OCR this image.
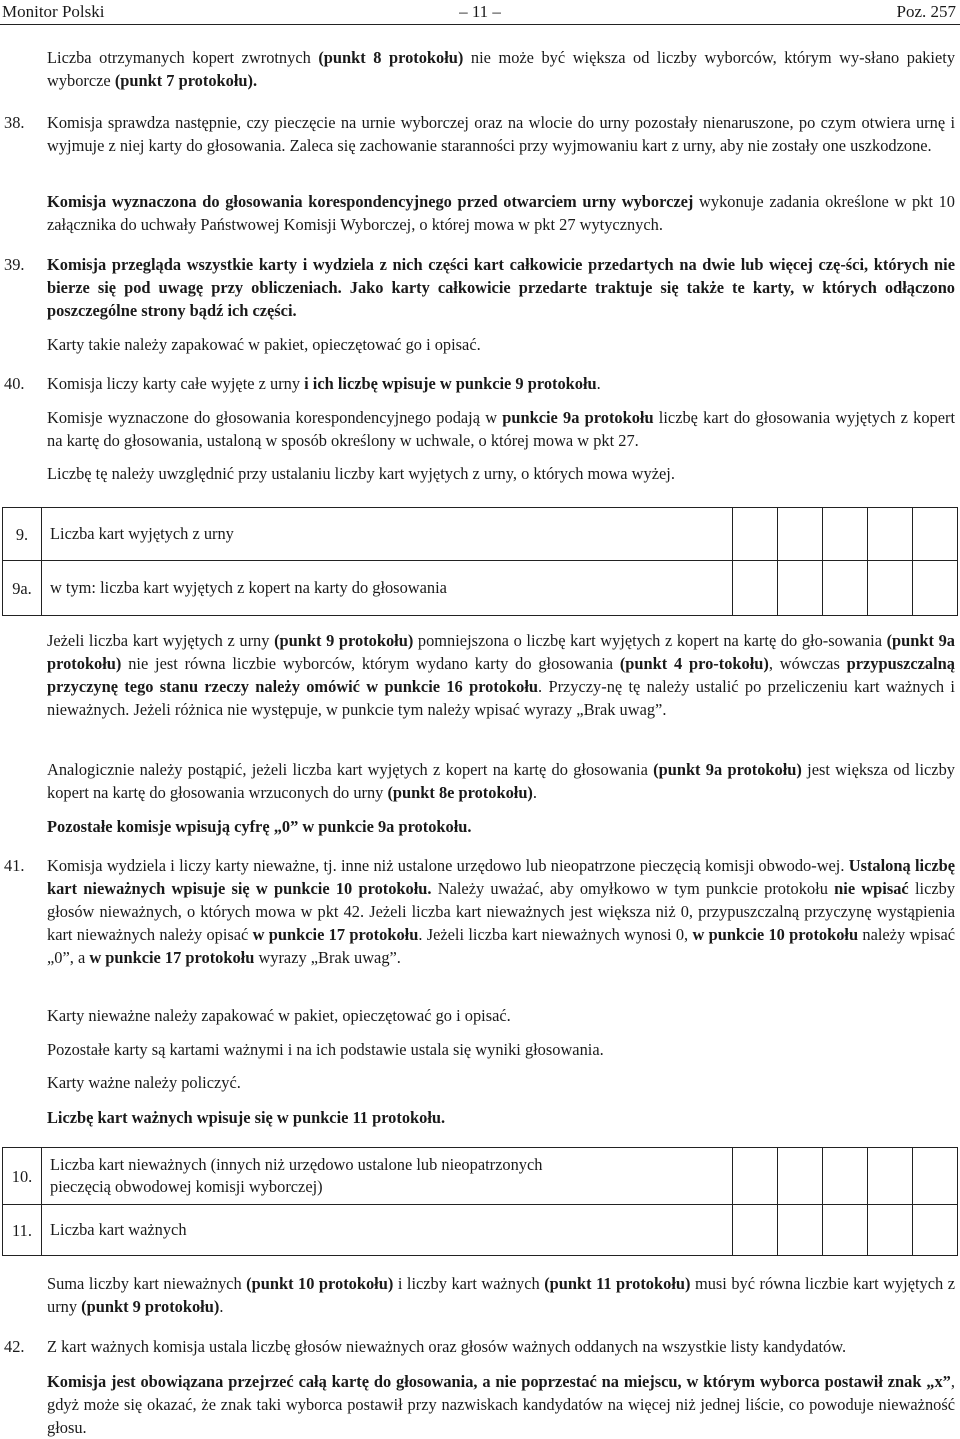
Monitor Polski	– 11 –	Poz. 257

Liczba otrzymanych kopert zwrotnych (punkt 8 protokołu) nie może być większa od liczby wyborców, którym wy-słano pakiety wyborcze (punkt 7 protokołu).

38. Komisja sprawdza następnie, czy pieczęcie na urnie wyborczej oraz na wlocie do urny pozostały nienaruszone, po czym otwiera urnę i wyjmuje z niej karty do głosowania. Zaleca się zachowanie staranności przy wyjmowaniu kart z urny, aby nie zostały one uszkodzone.

Komisja wyznaczona do głosowania korespondencyjnego przed otwarciem urny wyborczej wykonuje zadania określone w pkt 10 załącznika do uchwały Państwowej Komisji Wyborczej, o której mowa w pkt 27 wytycznych.

39. Komisja przegląda wszystkie karty i wydziela z nich części kart całkowicie przedartych na dwie lub więcej czę-ści, których nie bierze się pod uwagę przy obliczeniach. Jako karty całkowicie przedarte traktuje się także te karty, w których odłączono poszczególne strony bądź ich części.

Karty takie należy zapakować w pakiet, opieczętować go i opisać.

40. Komisja liczy karty całe wyjęte z urny i ich liczbę wpisuje w punkcie 9 protokołu.

Komisje wyznaczone do głosowania korespondencyjnego podają w punkcie 9a protokołu liczbę kart do głosowania wyjętych z kopert na kartę do głosowania, ustaloną w sposób określony w uchwale, o której mowa w pkt 27.

Liczbę tę należy uwzględnić przy ustalaniu liczby kart wyjętych z urny, o których mowa wyżej.

9.	Liczba kart wyjętych z urny					
9a.	w tym: liczba kart wyjętych z kopert na karty do głosowania					

Jeżeli liczba kart wyjętych z urny (punkt 9 protokołu) pomniejszona o liczbę kart wyjętych z kopert na kartę do gło-sowania (punkt 9a protokołu) nie jest równa liczbie wyborców, którym wydano karty do głosowania (punkt 4 pro-tokołu), wówczas przypuszczalną przyczynę tego stanu rzeczy należy omówić w punkcie 16 protokołu. Przyczy-nę tę należy ustalić po przeliczeniu kart ważnych i nieważnych. Jeżeli różnica nie występuje, w punkcie tym należy wpisać wyrazy „Brak uwag”.

Analogicznie należy postąpić, jeżeli liczba kart wyjętych z kopert na kartę do głosowania (punkt 9a protokołu) jest większa od liczby kopert na kartę do głosowania wrzuconych do urny (punkt 8e protokołu).

Pozostałe komisje wpisują cyfrę „0” w punkcie 9a protokołu.

41. Komisja wydziela i liczy karty nieważne, tj. inne niż ustalone urzędowo lub nieopatrzone pieczęcią komisji obwodo-wej. Ustaloną liczbę kart nieważnych wpisuje się w punkcie 10 protokołu. Należy uważać, aby omyłkowo w tym punkcie protokołu nie wpisać liczby głosów nieważnych, o których mowa w pkt 42. Jeżeli liczba kart nieważnych jest większa niż 0, przypuszczalną przyczynę wystąpienia kart nieważnych należy opisać w punkcie 17 protokołu. Jeżeli liczba kart nieważnych wynosi 0, w punkcie 10 protokołu należy wpisać „0”, a w punkcie 17 protokołu wyrazy „Brak uwag”.

Karty nieważne należy zapakować w pakiet, opieczętować go i opisać.

Pozostałe karty są kartami ważnymi i na ich podstawie ustala się wyniki głosowania.

Karty ważne należy policzyć.

Liczbę kart ważnych wpisuje się w punkcie 11 protokołu.

10.	Liczba kart nieważnych (innych niż urzędowo ustalone lub nieopatrzonych
pieczęcią obwodowej komisji wyborczej)					
11.	Liczba kart ważnych					

Suma liczby kart nieważnych (punkt 10 protokołu) i liczby kart ważnych (punkt 11 protokołu) musi być równa liczbie kart wyjętych z urny (punkt 9 protokołu).

42. Z kart ważnych komisja ustala liczbę głosów nieważnych oraz głosów ważnych oddanych na wszystkie listy kandydatów.

Komisja jest obowiązana przejrzeć całą kartę do głosowania, a nie poprzestać na miejscu, w którym wyborca postawił znak „x”, gdyż może się okazać, że znak taki wyborca postawił przy nazwiskach kandydatów na więcej niż jednej liście, co powoduje nieważność głosu.
